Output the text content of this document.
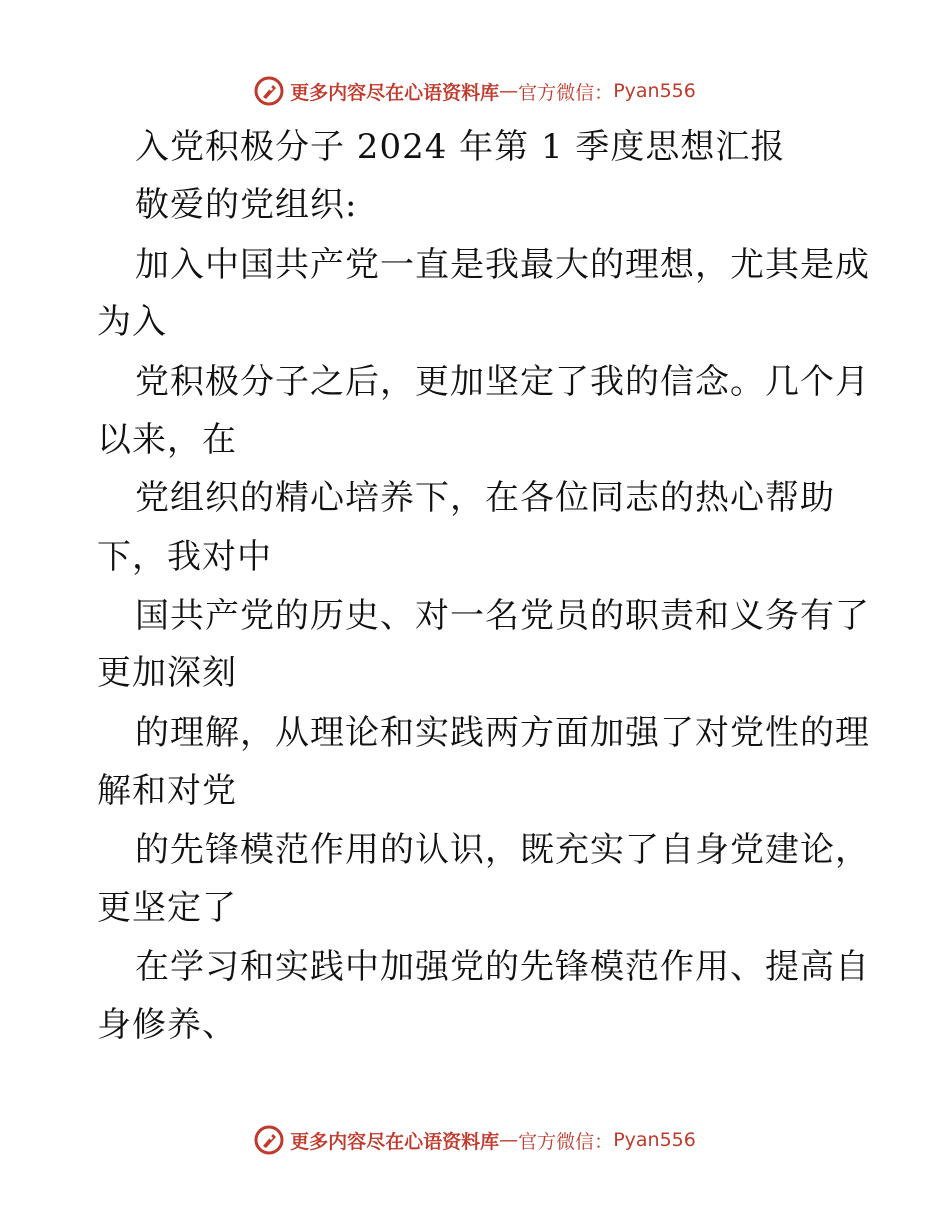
更多内容尽在心语资料库 — 官方微信： Pyan556
入党积极分子 2024 年第 1 季度思想汇报
敬爱的党组织:
加入中国共产党一直是我最大的理想，尤其是成
为入
党积极分子之后，更加坚定了我的信念。几个月
以来，在
党组织的精心培养下，在各位同志的热心帮助
下，我对中
国共产党的历史、对一名党员的职责和义务有了
更加深刻
的理解，从理论和实践两方面加强了对党性的理
解和对党
的先锋模范作用的认识，既充实了自身党建论，
更坚定了
在学习和实践中加强党的先锋模范作用、提高自
身修养、
更多内容尽在心语资料库 — 官方微信： Pyan556
